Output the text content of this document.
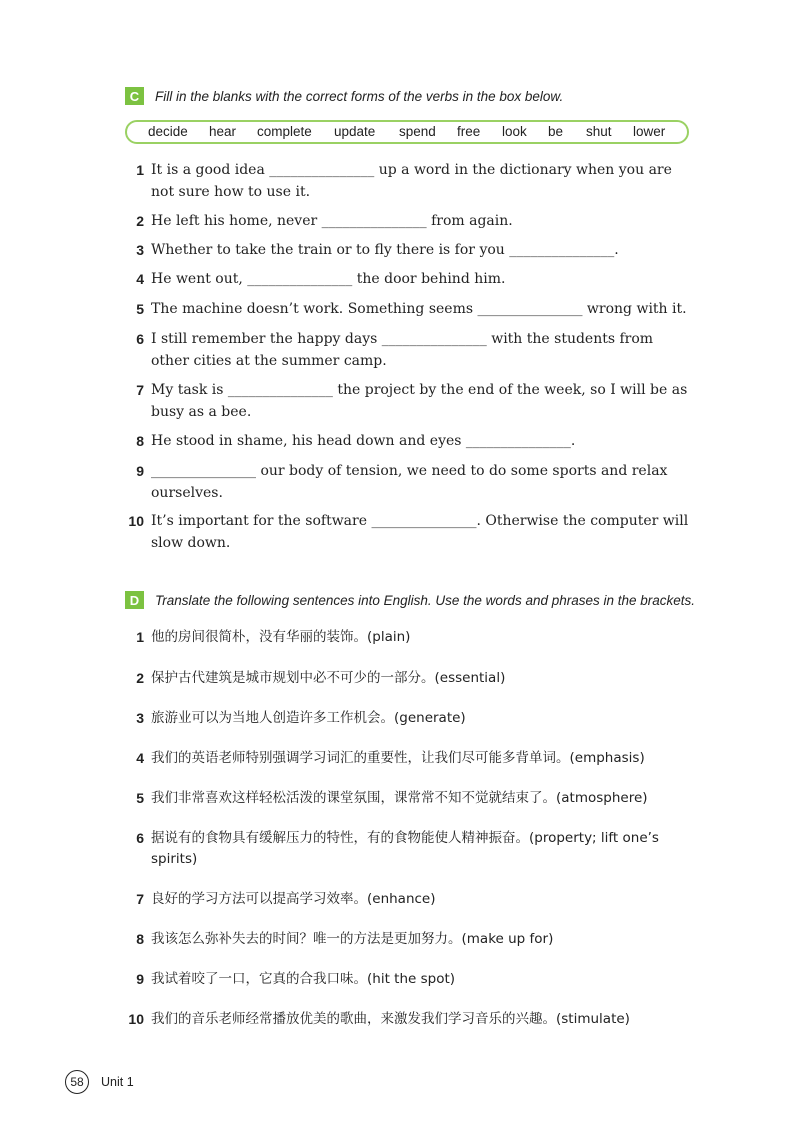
C	Fill in the blanks with the correct forms of the verbs in the box below.
decide hear complete update spend free look be shut lower
1 It is a good idea _______________ up a word in the dictionary when you are not sure how to use it.
2 He left his home, never _______________ from again.
3 Whether to take the train or to fly there is for you _______________.
4 He went out, _______________ the door behind him.
5 The machine doesn’t work. Something seems _______________ wrong with it.
6 I still remember the happy days _______________ with the students from other cities at the summer camp.
7 My task is _______________ the project by the end of the week, so I will be as busy as a bee.
8 He stood in shame, his head down and eyes _______________.
9 _______________ our body of tension, we need to do some sports and relax ourselves.
10 It’s important for the software _______________. Otherwise the computer will slow down.
D	Translate the following sentences into English. Use the words and phrases in the brackets.
1 他的房间很简朴，没有华丽的装饰。(plain)
2 保护古代建筑是城市规划中必不可少的一部分。(essential)
3 旅游业可以为当地人创造许多工作机会。(generate)
4 我们的英语老师特别强调学习词汇的重要性，让我们尽可能多背单词。(emphasis)
5 我们非常喜欢这样轻松活泼的课堂氛围，课常常不知不觉就结束了。(atmosphere)
6 据说有的食物具有缓解压力的特性，有的食物能使人精神振奋。(property; lift one’s spirits)
7 良好的学习方法可以提高学习效率。(enhance)
8 我该怎么弥补失去的时间？唯一的方法是更加努力。(make up for)
9 我试着咬了一口，它真的合我口味。(hit the spot)
10 我们的音乐老师经常播放优美的歌曲，来激发我们学习音乐的兴趣。(stimulate)
58	Unit 1
